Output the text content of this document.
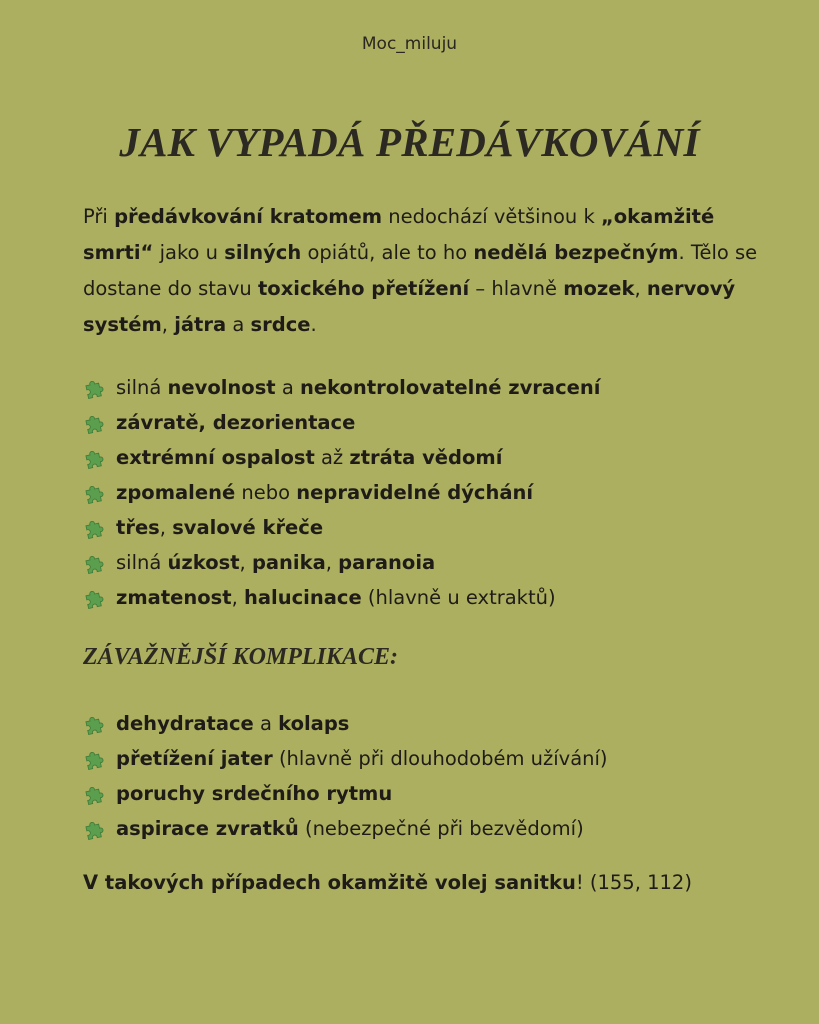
Moc_miluju
JAK VYPADÁ PŘEDÁVKOVÁNÍ

Při předávkování kratomem nedochází většinou k „okamžité smrti“ jako u silných opiátů, ale to ho nedělá bezpečným. Tělo se dostane do stavu toxického přetížení – hlavně mozek, nervový systém, játra a srdce.

silná nevolnost a nekontrolovatelné zvracení
závratě, dezorientace
extrémní ospalost až ztráta vědomí
zpomalené nebo nepravidelné dýchání
třes, svalové křeče
silná úzkost, panika, paranoia
zmatenost, halucinace (hlavně u extraktů)
ZÁVAŽNĚJŠÍ KOMPLIKACE:
dehydratace a kolaps
přetížení jater (hlavně při dlouhodobém užívání)
poruchy srdečního rytmu
aspirace zvratků (nebezpečné při bezvědomí)

V takových případech okamžitě volej sanitku! (155, 112)
